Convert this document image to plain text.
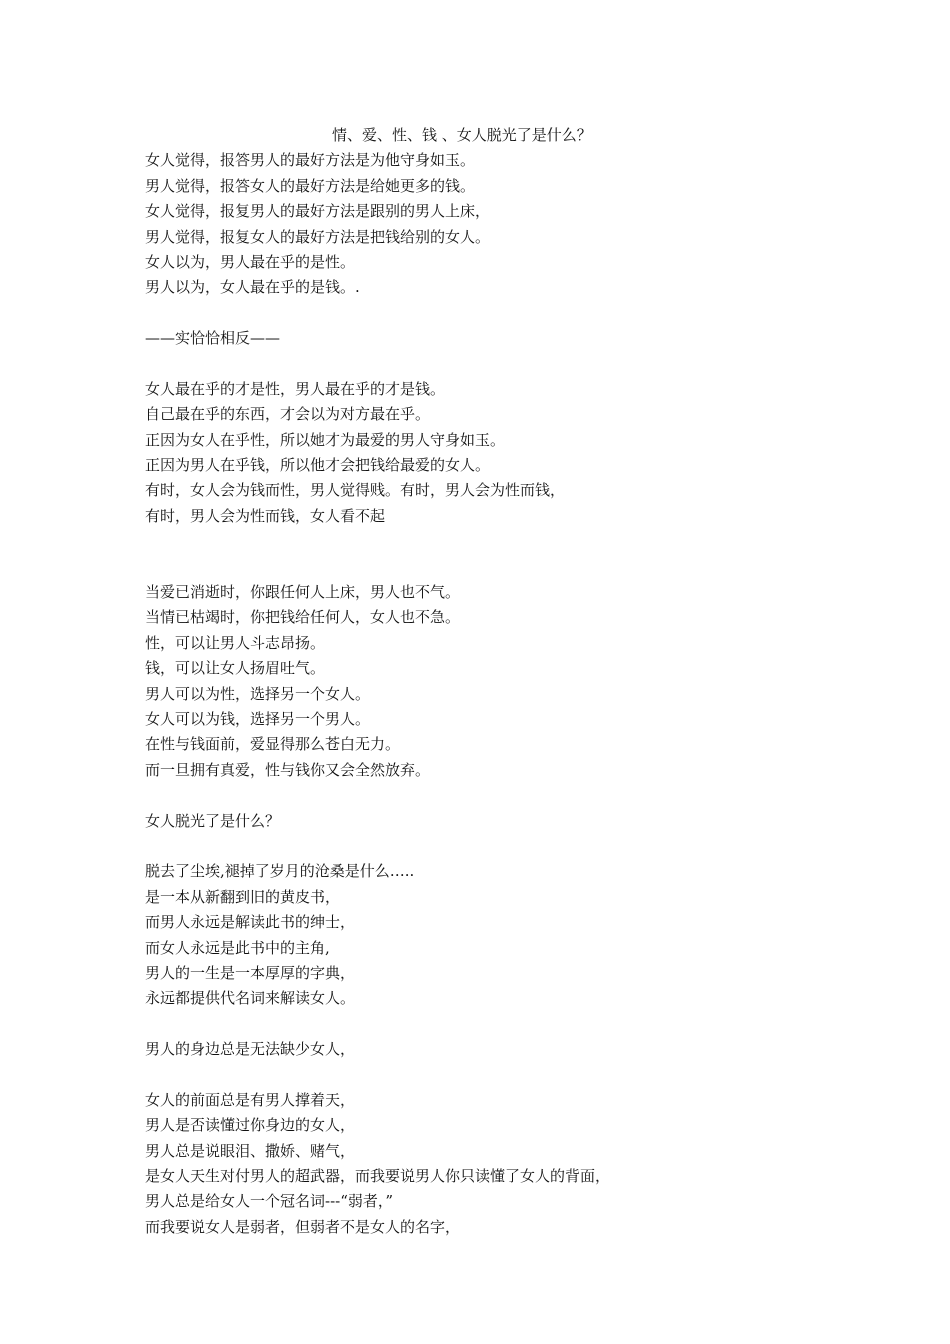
情、爱、性、钱 、女人脱光了是什么？
女人觉得，报答男人的最好方法是为他守身如玉。
男人觉得，报答女人的最好方法是给她更多的钱。
女人觉得，报复男人的最好方法是跟别的男人上床，
男人觉得，报复女人的最好方法是把钱给别的女人。
女人以为，男人最在乎的是性。
男人以为，女人最在乎的是钱。.
——实恰恰相反——
女人最在乎的才是性，男人最在乎的才是钱。
自己最在乎的东西，才会以为对方最在乎。
正因为女人在乎性，所以她才为最爱的男人守身如玉。
正因为男人在乎钱，所以他才会把钱给最爱的女人。
有时，女人会为钱而性，男人觉得贱。有时，男人会为性而钱，
有时，男人会为性而钱，女人看不起
当爱已消逝时，你跟任何人上床，男人也不气。
当情已枯竭时，你把钱给任何人，女人也不急。
性，可以让男人斗志昂扬。
钱，可以让女人扬眉吐气。
男人可以为性，选择另一个女人。
女人可以为钱，选择另一个男人。
在性与钱面前，爱显得那么苍白无力。
而一旦拥有真爱，性与钱你又会全然放弃。
女人脱光了是什么？
脱去了尘埃,褪掉了岁月的沧桑是什么…..
是一本从新翻到旧的黄皮书，
而男人永远是解读此书的绅士，
而女人永远是此书中的主角,
男人的一生是一本厚厚的字典，
永远都提供代名词来解读女人。
男人的身边总是无法缺少女人，
女人的前面总是有男人撑着天，
男人是否读懂过你身边的女人，
男人总是说眼泪、撒娇、赌气，
是女人天生对付男人的超武器，而我要说男人你只读懂了女人的背面，
男人总是给女人一个冠名词---“弱者，”
而我要说女人是弱者，但弱者不是女人的名字，
